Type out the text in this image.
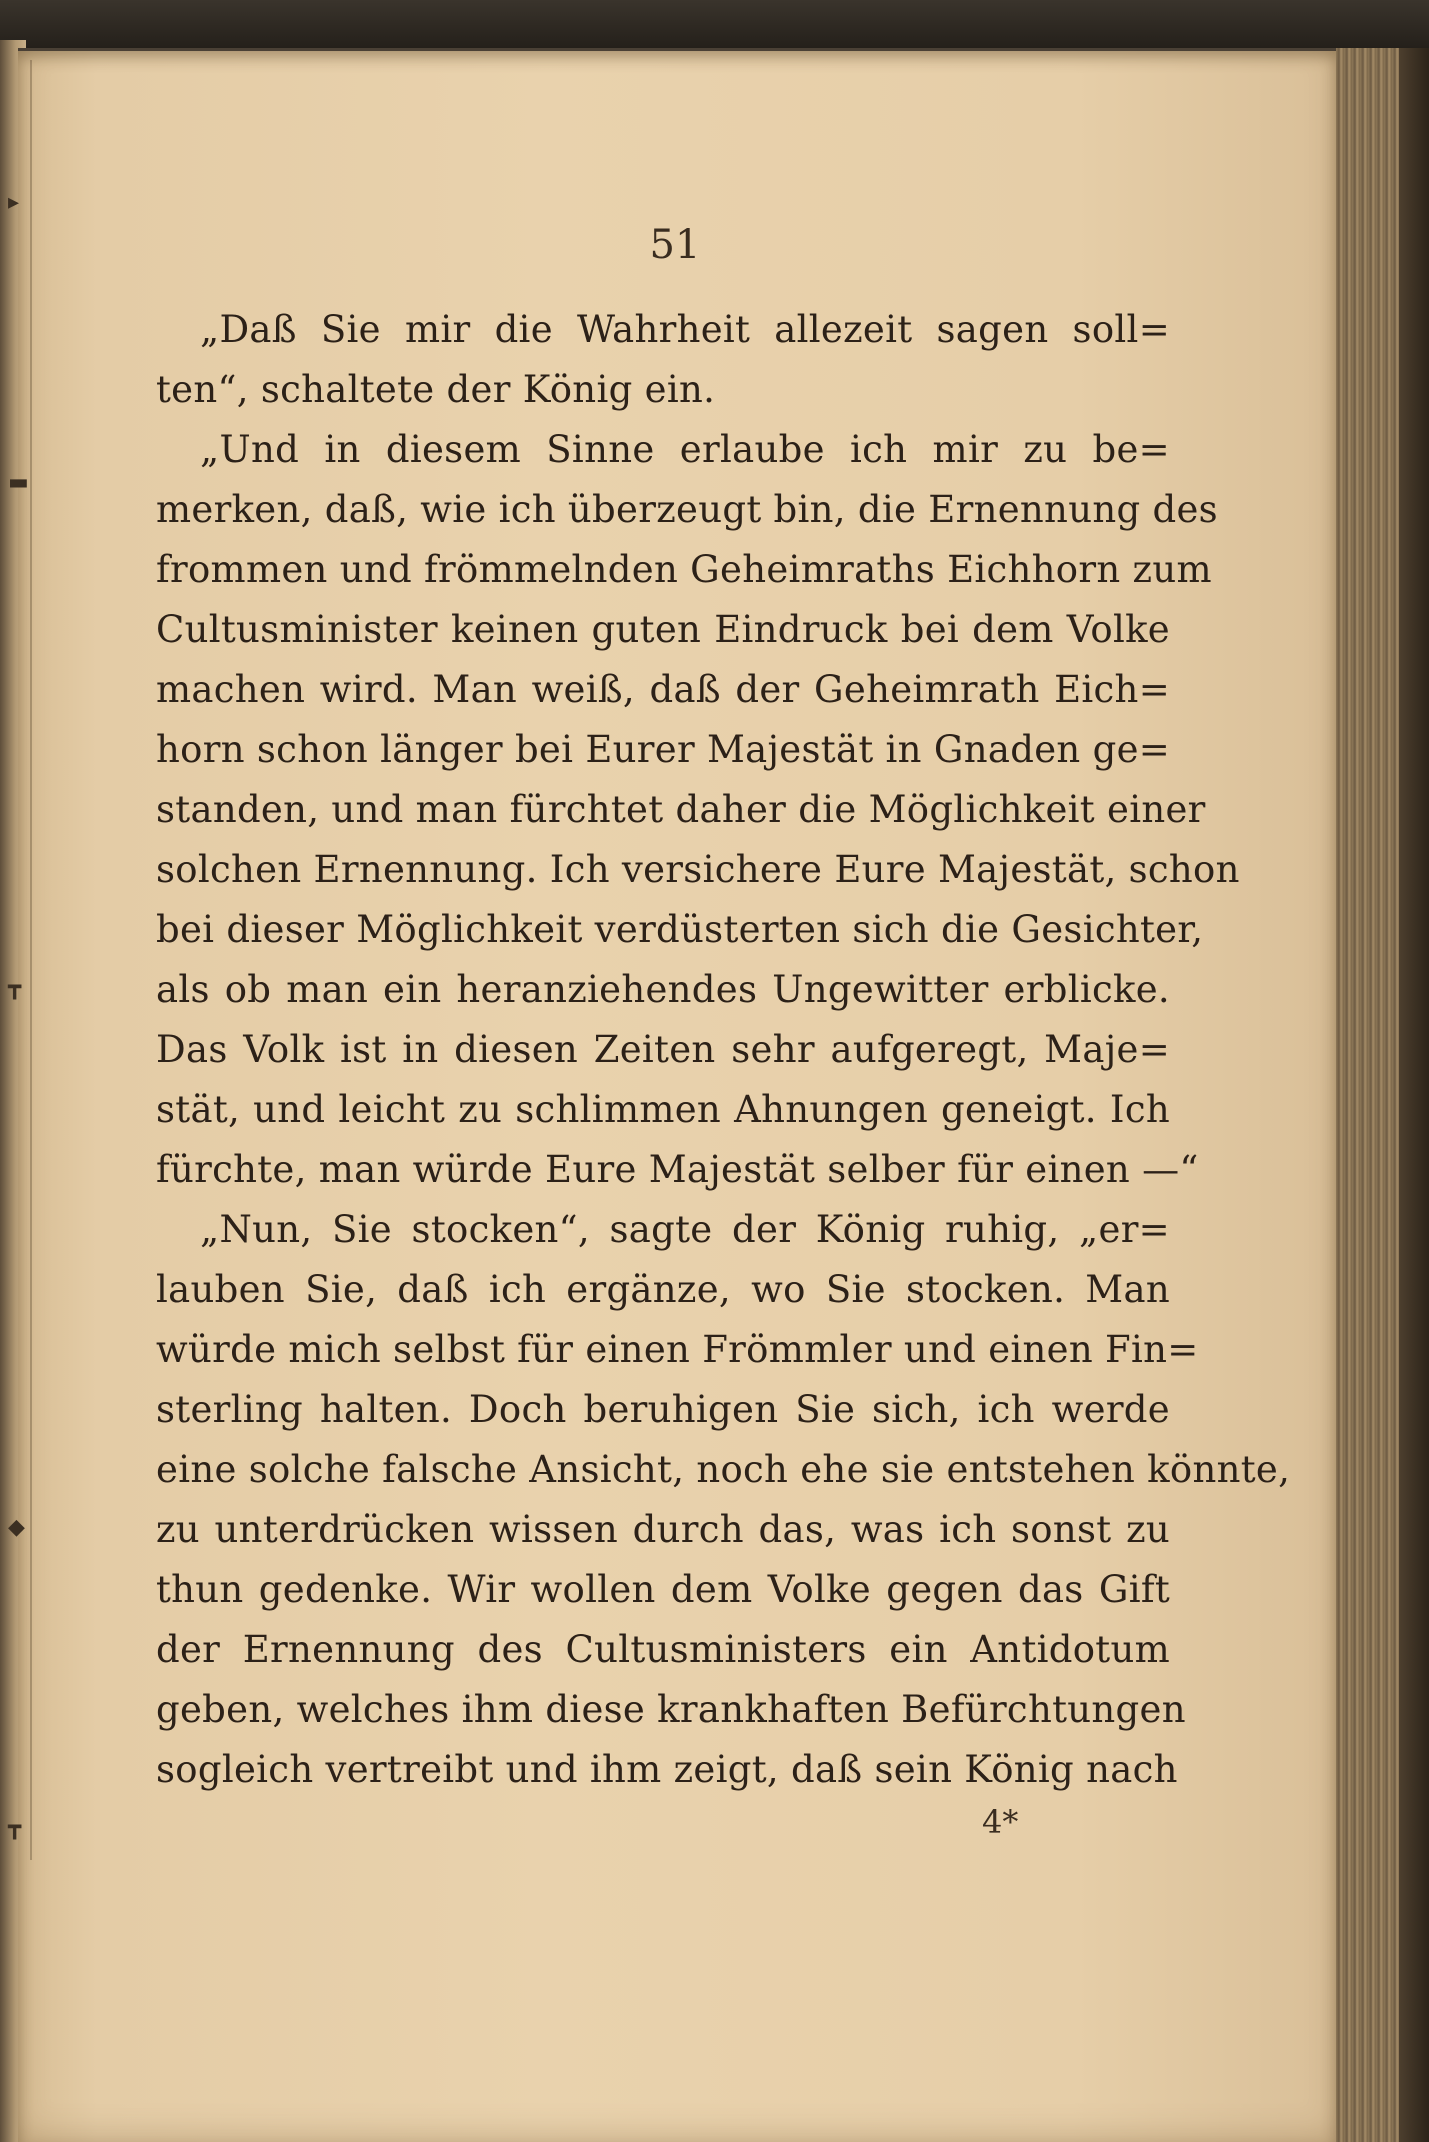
▸
▬
┳
◆
┳
51
„Daß Sie mir die Wahrheit allezeit sagen soll=
ten“, schaltete der König ein.
„Und in diesem Sinne erlaube ich mir zu be=
merken, daß, wie ich überzeugt bin, die Ernennung des
frommen und frömmelnden Geheimraths Eichhorn zum
Cultusminister keinen guten Eindruck bei dem Volke
machen wird. Man weiß, daß der Geheimrath Eich=
horn schon länger bei Eurer Majestät in Gnaden ge=
standen, und man fürchtet daher die Möglichkeit einer
solchen Ernennung. Ich versichere Eure Majestät, schon
bei dieser Möglichkeit verdüsterten sich die Gesichter,
als ob man ein heranziehendes Ungewitter erblicke.
Das Volk ist in diesen Zeiten sehr aufgeregt, Maje=
stät, und leicht zu schlimmen Ahnungen geneigt. Ich
fürchte, man würde Eure Majestät selber für einen —“
„Nun, Sie stocken“, sagte der König ruhig, „er=
lauben Sie, daß ich ergänze, wo Sie stocken. Man
würde mich selbst für einen Frömmler und einen Fin=
sterling halten. Doch beruhigen Sie sich, ich werde
eine solche falsche Ansicht, noch ehe sie entstehen könnte,
zu unterdrücken wissen durch das, was ich sonst zu
thun gedenke. Wir wollen dem Volke gegen das Gift
der Ernennung des Cultusministers ein Antidotum
geben, welches ihm diese krankhaften Befürchtungen
sogleich vertreibt und ihm zeigt, daß sein König nach
4*
